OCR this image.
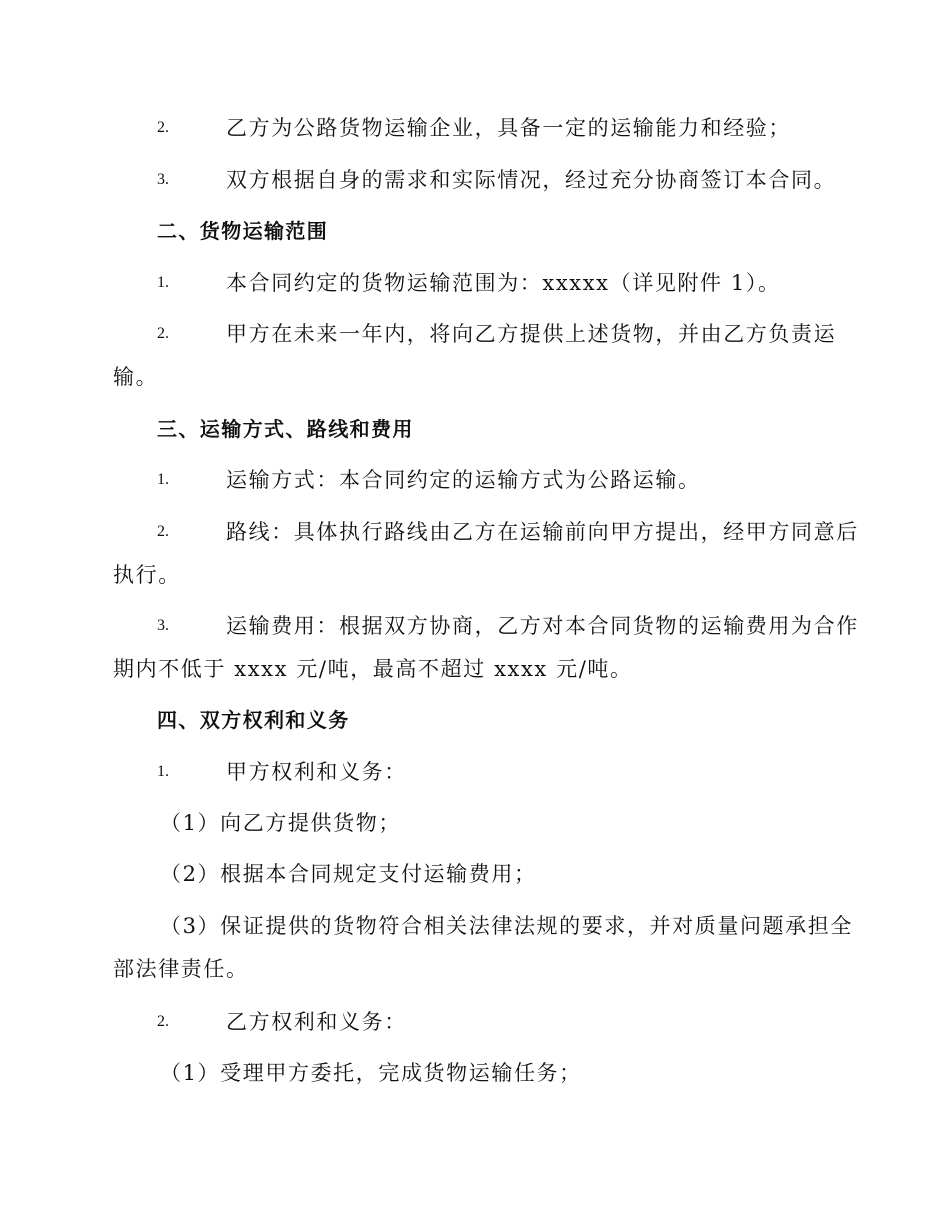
2.	乙方为公路货物运输企业，具备一定的运输能力和经验；
3.	双方根据自身的需求和实际情况，经过充分协商签订本合同。
二、货物运输范围
1.	本合同约定的货物运输范围为：xxxxx（详见附件 1）。
2.	甲方在未来一年内，将向乙方提供上述货物，并由乙方负责运
输。
三、运输方式、路线和费用
1.	运输方式：本合同约定的运输方式为公路运输。
2.	路线：具体执行路线由乙方在运输前向甲方提出，经甲方同意后
执行。
3.	运输费用：根据双方协商，乙方对本合同货物的运输费用为合作
期内不低于 xxxx 元/吨，最高不超过 xxxx 元/吨。
四、双方权利和义务
1.	甲方权利和义务：
（1）向乙方提供货物；
（2）根据本合同规定支付运输费用；
（3）保证提供的货物符合相关法律法规的要求，并对质量问题承担全
部法律责任。
2.	乙方权利和义务：
（1）受理甲方委托，完成货物运输任务；
